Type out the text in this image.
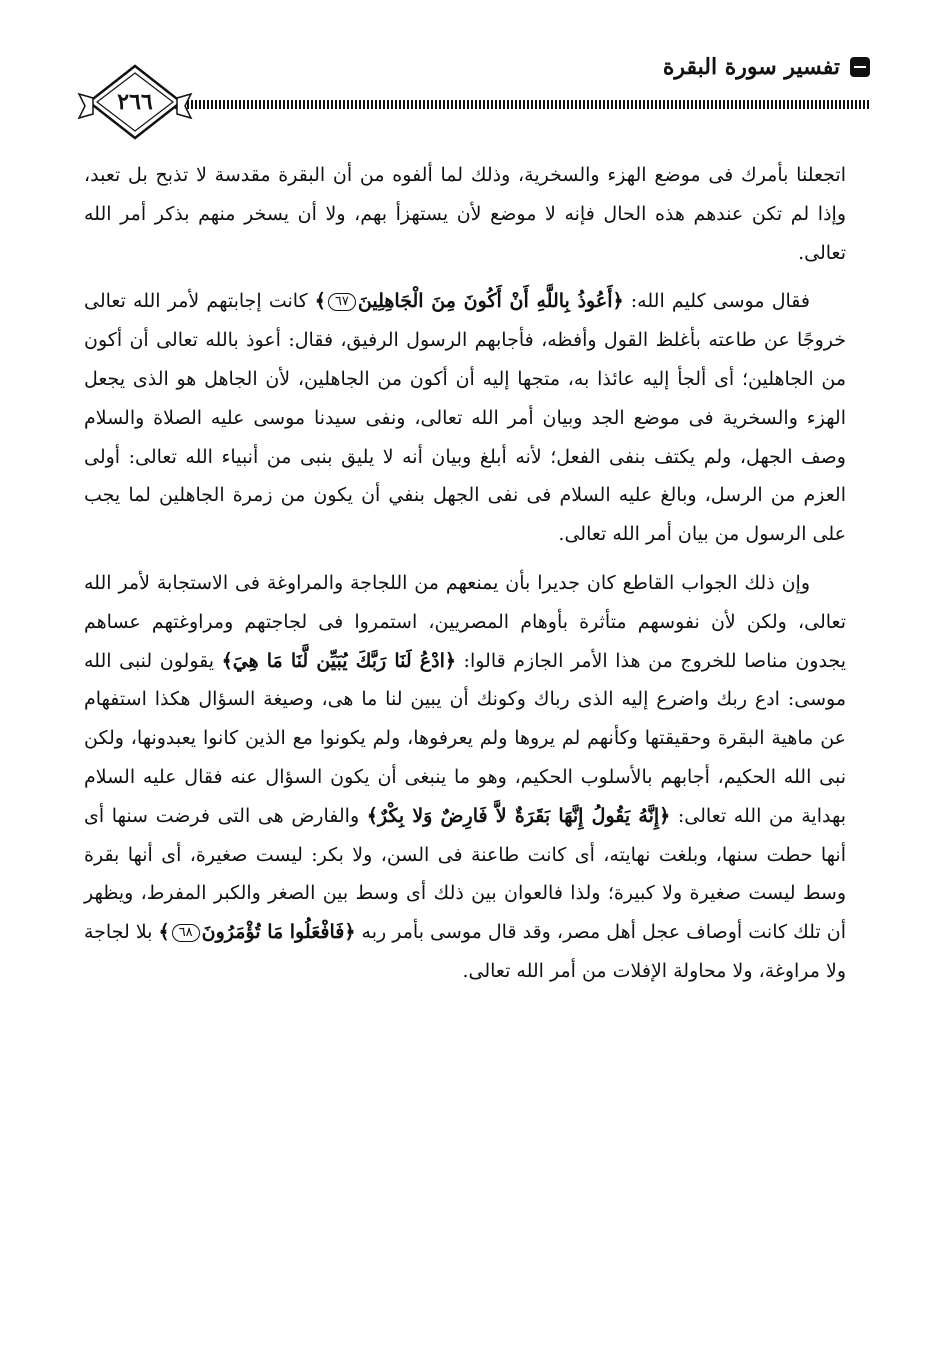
تفسير سورة البقرة
٢٦٦

اتجعلنا بأمرك فى موضع الهزء والسخرية، وذلك لما ألفوه من أن البقرة مقدسة لا تذبح بل تعبد، وإذا لم تكن عندهم هذه الحال فإنه لا موضع لأن يستهزأ بهم، ولا أن يسخر منهم بذكر أمر الله تعالى.

فقال موسى كليم الله: ﴿أَعُوذُ بِاللَّهِ أَنْ أَكُونَ مِنَ الْجَاهِلِينَ٦٧﴾ كانت إجابتهم لأمر الله تعالى خروجًا عن طاعته بأغلظ القول وأفظه، فأجابهم الرسول الرفيق، فقال: أعوذ بالله تعالى أن أكون من الجاهلين؛ أى ألجأ إليه عائذا به، متجها إليه أن أكون من الجاهلين، لأن الجاهل هو الذى يجعل الهزء والسخرية فى موضع الجد وبيان أمر الله تعالى، ونفى سيدنا موسى عليه الصلاة والسلام وصف الجهل، ولم يكتف بنفى الفعل؛ لأنه أبلغ وبيان أنه لا يليق بنبى من أنبياء الله تعالى: أولى العزم من الرسل، وبالغ عليه السلام فى نفى الجهل بنفي أن يكون من زمرة الجاهلين لما يجب على الرسول من بيان أمر الله تعالى.

وإن ذلك الجواب القاطع كان جديرا بأن يمنعهم من اللجاجة والمراوغة فى الاستجابة لأمر الله تعالى، ولكن لأن نفوسهم متأثرة بأوهام المصريين، استمروا فى لجاجتهم ومراوغتهم عساهم يجدون مناصا للخروج من هذا الأمر الجازم قالوا: ﴿ادْعُ لَنَا رَبَّكَ يُبَيِّن لَّنَا مَا هِيَ﴾ يقولون لنبى الله موسى: ادع ربك واضرع إليه الذى رباك وكونك أن يبين لنا ما هى، وصيغة السؤال هكذا استفهام عن ماهية البقرة وحقيقتها وكأنهم لم يروها ولم يعرفوها، ولم يكونوا مع الذين كانوا يعبدونها، ولكن نبى الله الحكيم، أجابهم بالأسلوب الحكيم، وهو ما ينبغى أن يكون السؤال عنه فقال عليه السلام بهداية من الله تعالى: ﴿إِنَّهُ يَقُولُ إِنَّهَا بَقَرَةٌ لاَّ فَارِضٌ وَلا بِكْرٌ﴾ والفارض هى التى فرضت سنها أى أنها حطت سنها، وبلغت نهايته، أى كانت طاعنة فى السن، ولا بكر: ليست صغيرة، أى أنها بقرة وسط ليست صغيرة ولا كبيرة؛ ولذا فالعوان بين ذلك أى وسط بين الصغر والكبر المفرط، ويظهر أن تلك كانت أوصاف عجل أهل مصر، وقد قال موسى بأمر ربه ﴿فَافْعَلُوا مَا تُؤْمَرُونَ٦٨﴾ بلا لجاجة ولا مراوغة، ولا محاولة الإفلات من أمر الله تعالى.
